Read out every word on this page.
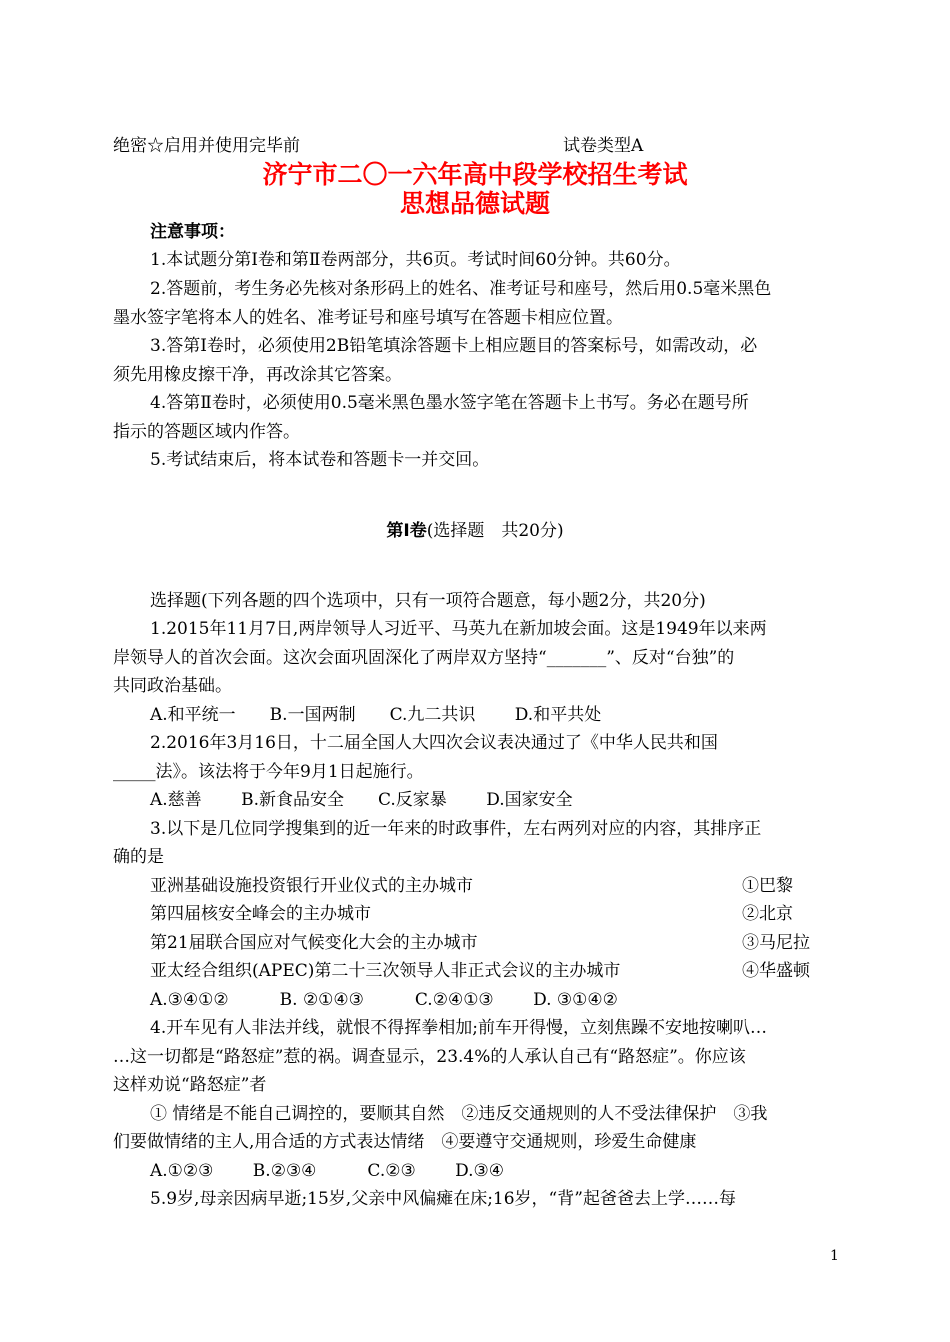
绝密☆启用并使用完毕前	试卷类型A
济宁市二〇一六年高中段学校招生考试
思想品德试题
注意事项：
1.本试题分第Ⅰ卷和第Ⅱ卷两部分，共6页。考试时间60分钟。共60分。
2.答题前，考生务必先核对条形码上的姓名、准考证号和座号，然后用0.5毫米黑色
墨水签字笔将本人的姓名、准考证号和座号填写在答题卡相应位置。
3.答第Ⅰ卷时，必须使用2B铅笔填涂答题卡上相应题目的答案标号，如需改动，必
须先用橡皮擦干净，再改涂其它答案。
4.答第Ⅱ卷时，必须使用0.5毫米黑色墨水签字笔在答题卡上书写。务必在题号所
指示的答题区域内作答。
5.考试结束后，将本试卷和答题卡一并交回。
第Ⅰ卷(选择题　共20分)
选择题(下列各题的四个选项中，只有一项符合题意，每小题2分，共20分)
1.2015年11月7日,两岸领导人习近平、马英九在新加坡会面。这是1949年以来两
岸领导人的首次会面。这次会面巩固深化了两岸双方坚持“_______”、反对“台独”的
共同政治基础。
A.和平统一　　B.一国两制　　C.九二共识　　 D.和平共处
2.2016年3月16日，十二届全国人大四次会议表决通过了《中华人民共和国
_____法》。该法将于今年9月1日起施行。
A.慈善　　 B.新食品安全　　C.反家暴　　 D.国家安全
3.以下是几位同学搜集到的近一年来的时政事件，左右两列对应的内容，其排序正
确的是
亚洲基础设施投资银行开业仪式的主办城市	①巴黎
第四届核安全峰会的主办城市	②北京
第21届联合国应对气候变化大会的主办城市	③马尼拉
亚太经合组织(APEC)第二十三次领导人非正式会议的主办城市	④华盛顿
A.③④①②　　　B. ②①④③　　　C.②④①③　　 D. ③①④②
4.开车见有人非法并线，就恨不得挥拳相加;前车开得慢，立刻焦躁不安地按喇叭…
…这一切都是“路怒症”惹的祸。调查显示，23.4%的人承认自己有“路怒症”。你应该
这样劝说“路怒症”者
① 情绪是不能自己调控的，要顺其自然　②违反交通规则的人不受法律保护　③我
们要做情绪的主人,用合适的方式表达情绪　④要遵守交通规则，珍爱生命健康
A.①②③　　 B.②③④　　　C.②③　　 D.③④
5.9岁,母亲因病早逝;15岁,父亲中风偏瘫在床;16岁，“背”起爸爸去上学……每
1
